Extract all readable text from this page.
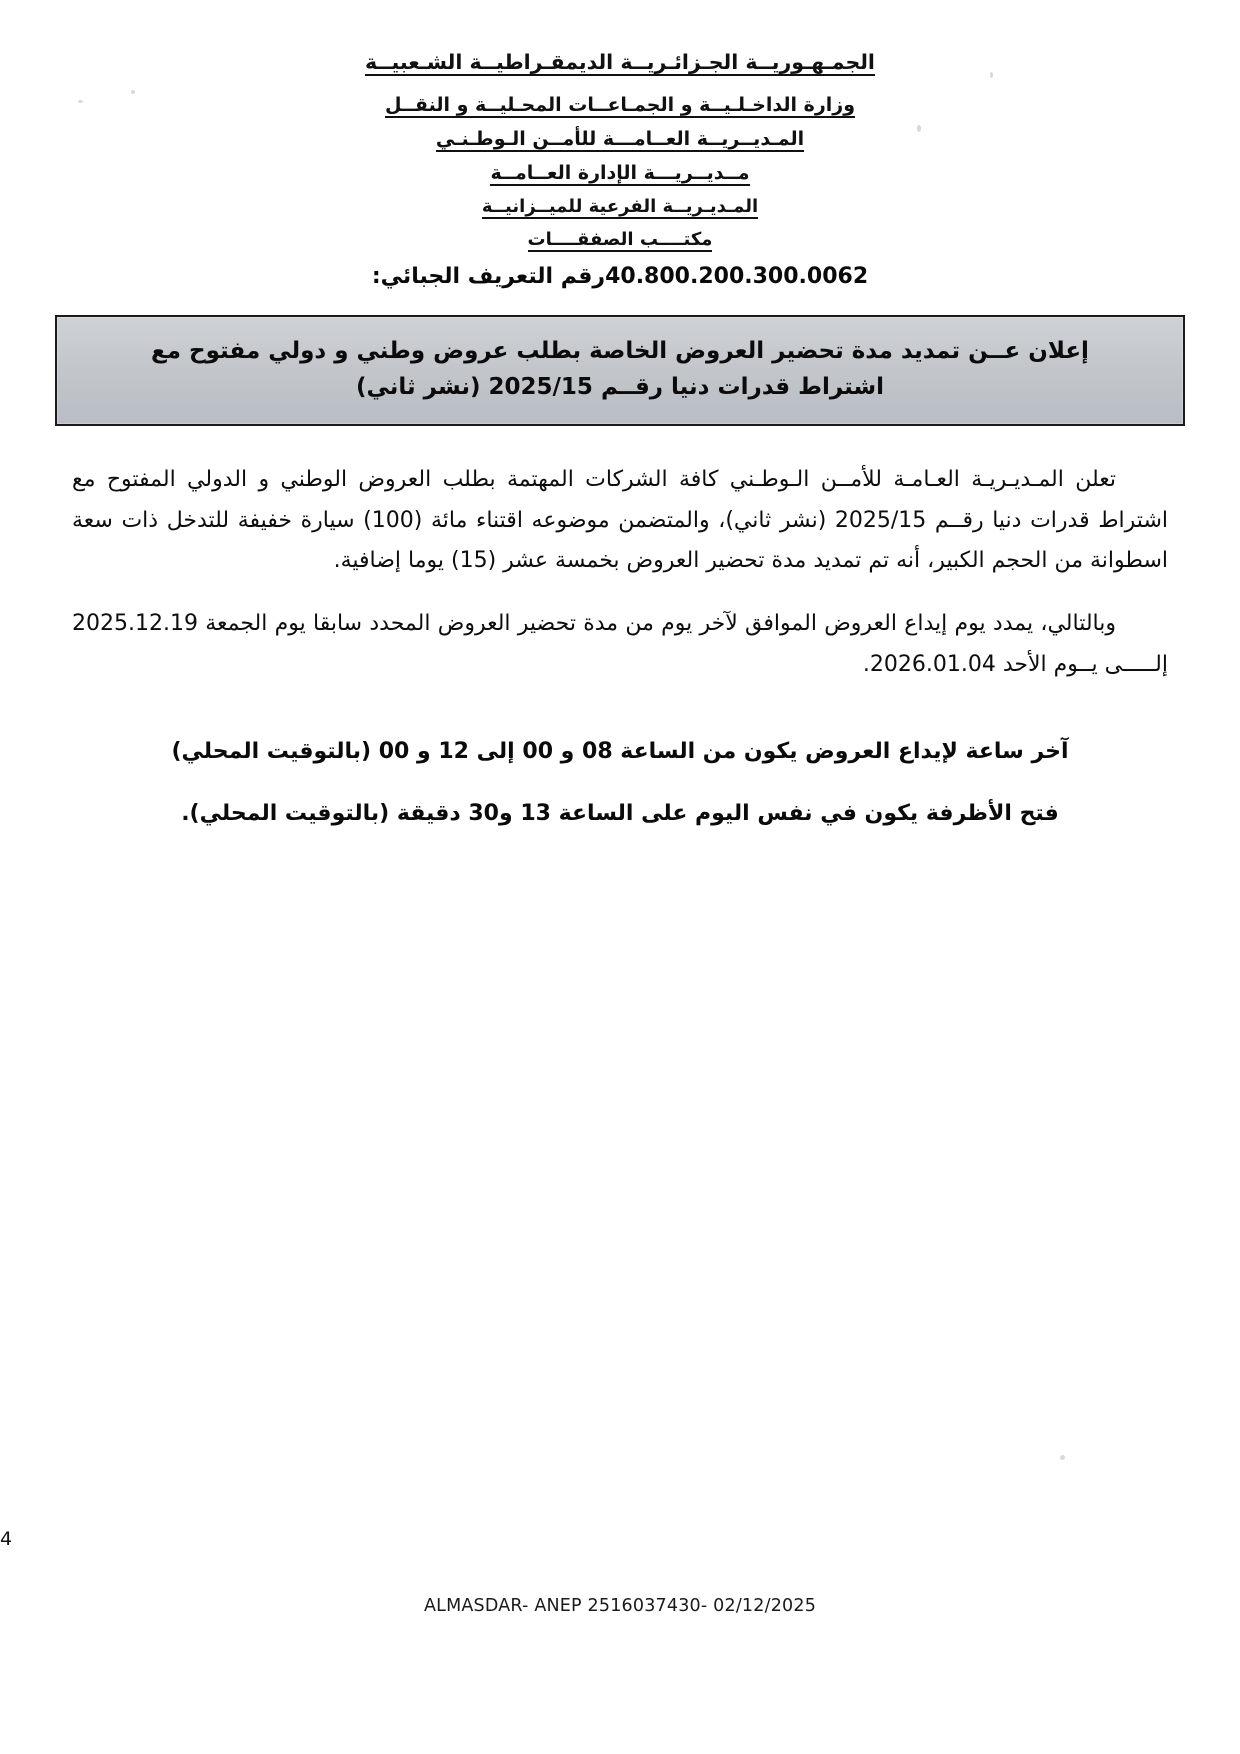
الجمـهـوريــة الجـزائـريــة الديمقـراطيــة الشـعبيــة
وزارة الداخـلـيــة و الجمـاعــات المحـليــة و النقــل
المـديــريــة العــامـــة للأمــن الـوطـنـي
مــديــريـــة الإدارة العــامــة
المـديـريــة الفرعية للميــزانيــة
مكتــــب الصفقــــات
40.800.200.300.0062رقم التعريف الجبائي:

إعلان عــن تمديد مدة تحضير العروض الخاصة بطلب عروض وطني و دولي مفتوح مع

اشتراط قدرات دنيا رقــم 2025/15 (نشر ثاني)

تعلن المـديـريـة العـامـة للأمــن الـوطـني كافة الشركات المهتمة بطلب العروض الوطني و الدولي المفتوح مع اشتراط قدرات دنيا رقــم 2025/15 (نشر ثاني)، والمتضمن موضوعه اقتناء مائة (100) سيارة خفيفة للتدخل ذات سعة اسطوانة من الحجم الكبير، أنه تم تمديد مدة تحضير العروض بخمسة عشر (15) يوما إضافية.

وبالتالي، يمدد يوم إيداع العروض الموافق لآخر يوم من مدة تحضير العروض المحدد سابقا يوم الجمعة 2025.12.19 إلـــــى يــوم الأحد 2026.01.04.

آخر ساعة لإيداع العروض يكون من الساعة 08 و 00 إلى 12 و 00 (بالتوقيت المحلي)

فتح الأظرفة يكون في نفس اليوم على الساعة 13 و30 دقيقة (بالتوقيت المحلي).

4
ALMASDAR- ANEP 2516037430- 02/12/2025
